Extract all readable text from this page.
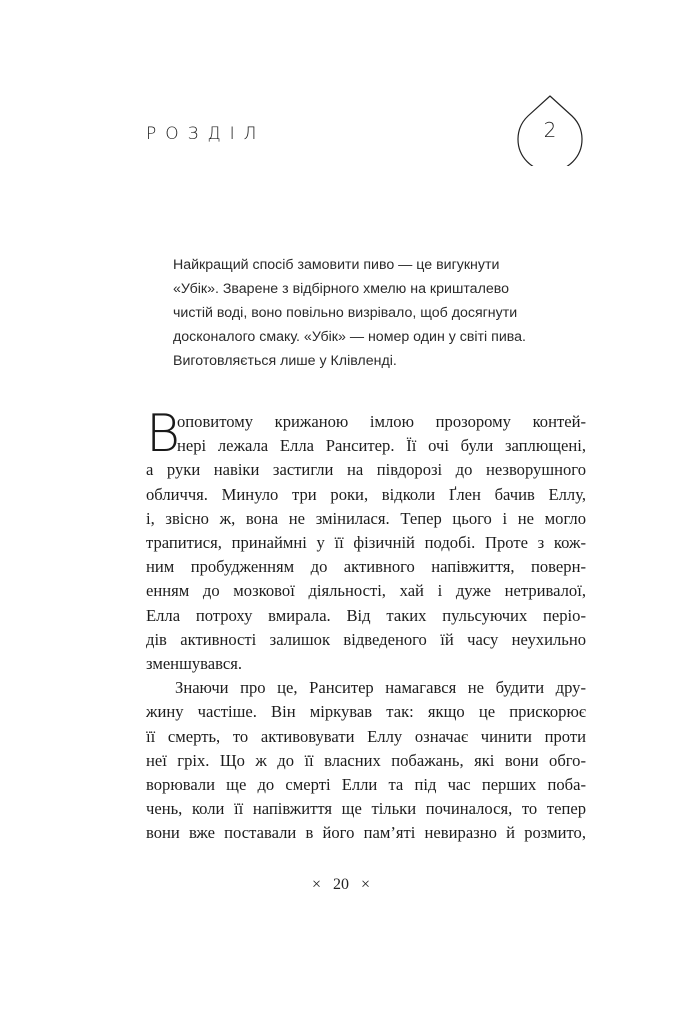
РОЗДІЛ	2
Найкращий спосіб замовити пиво — це вигукнути
«Убік». Зварене з відбірного хмелю на кришталево
чистій воді, воно повільно визрівало, щоб досягнути
досконалого смаку. «Убік» — номер один у світі пива.
Виготовляється лише у Клівленді.
В
оповитому крижаною імлою прозорому контей-
нері лежала Елла Ранситер. Її очі були заплющені,
а руки навіки застигли на півдорозі до незворушного
обличчя. Минуло три роки, відколи Ґлен бачив Еллу,
і, звісно ж, вона не змінилася. Тепер цього і не могло
трапитися, принаймні у її фізичній подобі. Проте з кож-
ним пробудженням до активного напівжиття, поверн-
енням до мозкової діяльності, хай і дуже нетривалої,
Елла потроху вмирала. Від таких пульсуючих періо-
дів активності залишок відведеного їй часу неухильно
зменшувався.
Знаючи про це, Ранситер намагався не будити дру-
жину частіше. Він міркував так: якщо це прискорює
її смерть, то активовувати Еллу означає чинити проти
неї гріх. Що ж до її власних побажань, які вони обго-
ворювали ще до смерті Елли та під час перших поба-
чень, коли її напівжиття ще тільки починалося, то тепер
вони вже поставали в його пам’яті невиразно й розмито,
× 20 ×
